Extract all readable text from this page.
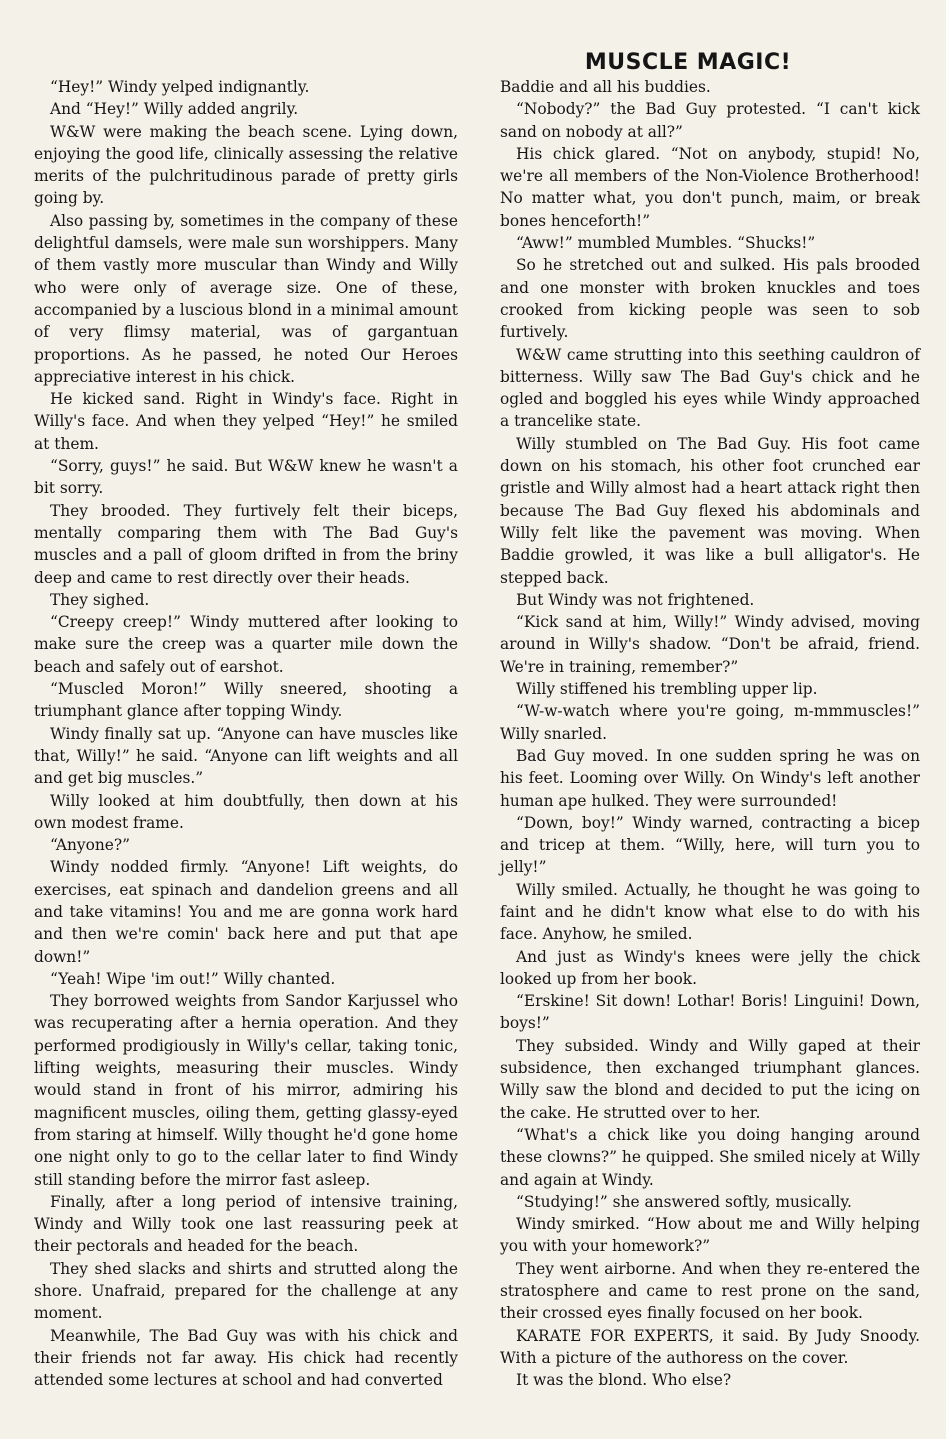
MUSCLE MAGIC!

“Hey!” Windy yelped indignantly.

And “Hey!” Willy added angrily.

W&W were making the beach scene. Lying down, enjoying the good life, clinically assessing the relative merits of the pulchritudinous parade of pretty girls going by.

Also passing by, sometimes in the company of these delightful damsels, were male sun worshippers. Many of them vastly more muscular than Windy and Willy who were only of average size. One of these, accompanied by a luscious blond in a minimal amount of very flimsy material, was of gargantuan proportions. As he passed, he noted Our Heroes appreciative interest in his chick.

He kicked sand. Right in Windy's face. Right in Willy's face. And when they yelped “Hey!” he smiled at them.

“Sorry, guys!” he said. But W&W knew he wasn't a bit sorry.

They brooded. They furtively felt their biceps, mentally comparing them with The Bad Guy's muscles and a pall of gloom drifted in from the briny deep and came to rest directly over their heads.

They sighed.

“Creepy creep!” Windy muttered after looking to make sure the creep was a quarter mile down the beach and safely out of earshot.

“Muscled Moron!” Willy sneered, shooting a triumphant glance after topping Windy.

Windy finally sat up. “Anyone can have muscles like that, Willy!” he said. “Anyone can lift weights and all and get big muscles.”

Willy looked at him doubtfully, then down at his own modest frame.

“Anyone?”

Windy nodded firmly. “Anyone! Lift weights, do exercises, eat spinach and dandelion greens and all and take vitamins! You and me are gonna work hard and then we're comin' back here and put that ape down!”

“Yeah! Wipe 'im out!” Willy chanted.

They borrowed weights from Sandor Karjussel who was recuperating after a hernia operation. And they performed prodigiously in Willy's cellar, taking tonic, lifting weights, measuring their muscles. Windy would stand in front of his mirror, admiring his magnificent muscles, oiling them, getting glassy-eyed from staring at himself. Willy thought he'd gone home one night only to go to the cellar later to find Windy still standing before the mirror fast asleep.

Finally, after a long period of intensive training, Windy and Willy took one last reassuring peek at their pectorals and headed for the beach.

They shed slacks and shirts and strutted along the shore. Unafraid, prepared for the challenge at any moment.

Meanwhile, The Bad Guy was with his chick and their friends not far away. His chick had recently attended some lectures at school and had converted

Baddie and all his buddies.

“Nobody?” the Bad Guy protested. “I can't kick sand on nobody at all?”

His chick glared. “Not on anybody, stupid! No, we're all members of the Non-Violence Brotherhood! No matter what, you don't punch, maim, or break bones henceforth!”

“Aww!” mumbled Mumbles. “Shucks!”

So he stretched out and sulked. His pals brooded and one monster with broken knuckles and toes crooked from kicking people was seen to sob furtively.

W&W came strutting into this seething cauldron of bitterness. Willy saw The Bad Guy's chick and he ogled and boggled his eyes while Windy approached a trancelike state.

Willy stumbled on The Bad Guy. His foot came down on his stomach, his other foot crunched ear gristle and Willy almost had a heart attack right then because The Bad Guy flexed his abdominals and Willy felt like the pavement was moving. When Baddie growled, it was like a bull alligator's. He stepped back.

But Windy was not frightened.

“Kick sand at him, Willy!” Windy advised, moving around in Willy's shadow. “Don't be afraid, friend. We're in training, remember?”

Willy stiffened his trembling upper lip.

“W-w-watch where you're going, m-mmmuscles!” Willy snarled.

Bad Guy moved. In one sudden spring he was on his feet. Looming over Willy. On Windy's left another human ape hulked. They were surrounded!

“Down, boy!” Windy warned, contracting a bicep and tricep at them. “Willy, here, will turn you to jelly!”

Willy smiled. Actually, he thought he was going to faint and he didn't know what else to do with his face. Anyhow, he smiled.

And just as Windy's knees were jelly the chick looked up from her book.

“Erskine! Sit down! Lothar! Boris! Linguini! Down, boys!”

They subsided. Windy and Willy gaped at their subsidence, then exchanged triumphant glances. Willy saw the blond and decided to put the icing on the cake. He strutted over to her.

“What's a chick like you doing hanging around these clowns?” he quipped. She smiled nicely at Willy and again at Windy.

“Studying!” she answered softly, musically.

Windy smirked. “How about me and Willy helping you with your homework?”

They went airborne. And when they re-entered the stratosphere and came to rest prone on the sand, their crossed eyes finally focused on her book.

KARATE FOR EXPERTS, it said. By Judy Snoody. With a picture of the authoress on the cover.

It was the blond. Who else?
